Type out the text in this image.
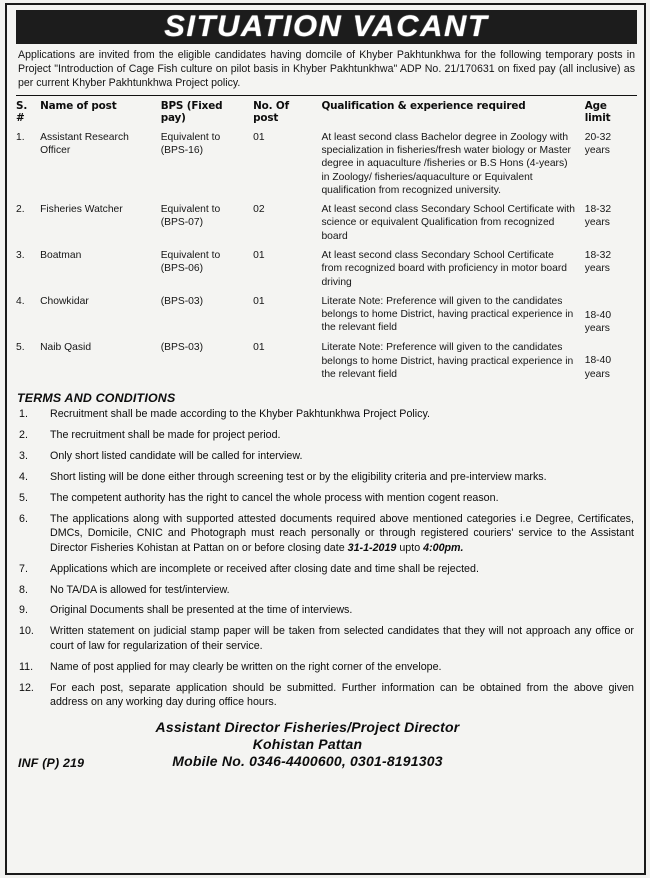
SITUATION VACANT
Applications are invited from the eligible candidates having domcile of Khyber Pakhtunkhwa for the following temporary posts in Project "Introduction of Cage Fish culture on pilot basis in Khyber Pakhtunkhwa" ADP No. 21/170631 on fixed pay (all inclusive) as per current Khyber Pakhtunkhwa Project policy.
S. #	Name of post	BPS (Fixed pay)	No. Of post	Qualification & experience required	Age limit
1.	Assistant Research Officer	Equivalent to (BPS-16)	01	At least second class Bachelor degree in Zoology with specialization in fisheries/fresh water biology or Master degree in aquaculture /fisheries or B.S Hons (4-years) in Zoology/ fisheries/aquaculture or Equivalent qualification from recognized university.	20-32 years
2.	Fisheries Watcher	Equivalent to (BPS-07)	02	At least second class Secondary School Certificate with science or equivalent Qualification from recognized board	18-32 years
3.	Boatman	Equivalent to (BPS-06)	01	At least second class Secondary School Certificate from recognized board with proficiency in motor board driving	18-32 years
4.	Chowkidar	(BPS-03)	01	Literate Note: Preference will given to the candidates belongs to home District, having practical experience in the relevant field	18-40 years
5.	Naib Qasid	(BPS-03)	01	Literate Note: Preference will given to the candidates belongs to home District, having practical experience in the relevant field	18-40 years
TERMS AND CONDITIONS
1.	Recruitment shall be made according to the Khyber Pakhtunkhwa Project Policy.
2.	The recruitment shall be made for project period.
3.	Only short listed candidate will be called for interview.
4.	Short listing will be done either through screening test or by the eligibility criteria and pre-interview marks.
5.	The competent authority has the right to cancel the whole process with mention cogent reason.
6.	The applications along with supported attested documents required above mentioned categories i.e Degree, Certificates, DMCs, Domicile, CNIC and Photograph must reach personally or through registered couriers' service to the Assistant Director Fisheries Kohistan at Pattan on or before closing date 31-1-2019 upto 4:00pm.
7.	Applications which are incomplete or received after closing date and time shall be rejected.
8.	No TA/DA is allowed for test/interview.
9.	Original Documents shall be presented at the time of interviews.
10.	Written statement on judicial stamp paper will be taken from selected candidates that they will not approach any office or court of law for regularization of their service.
11.	Name of post applied for may clearly be written on the right corner of the envelope.
12.	For each post, separate application should be submitted. Further information can be obtained from the above given address on any working day during office hours.
Assistant Director Fisheries/Project Director
Kohistan Pattan
Mobile No. 0346-4400600, 0301-8191303
INF (P) 219
